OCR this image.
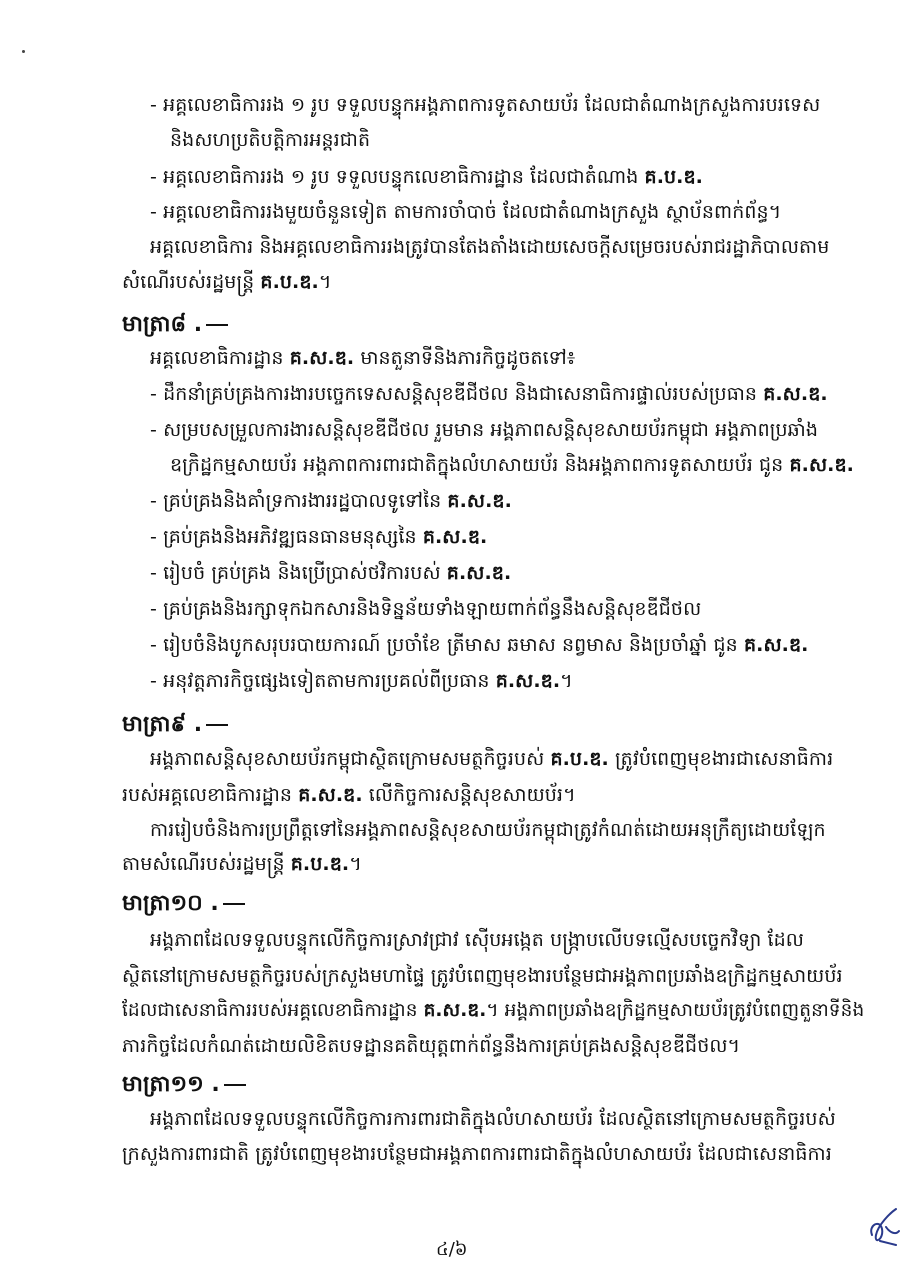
- អគ្គលេខាធិការរង ១ រូប ទទួលបន្ទុកអង្គភាពការទូតសាយប័រ ដែលជាតំណាងក្រសួងការបរទេស
និងសហប្រតិបត្តិការអន្តរជាតិ
- អគ្គលេខាធិការរង ១ រូប ទទួលបន្ទុកលេខាធិការដ្ឋាន ដែលជាតំណាង គ.ប.ឌ.
- អគ្គលេខាធិការរងមួយចំនួនទៀត តាមការចាំបាច់ ដែលជាតំណាងក្រសួង ស្ថាប័នពាក់ព័ន្ធ។
អគ្គលេខាធិការ និងអគ្គលេខាធិការរងត្រូវបានតែងតាំងដោយសេចក្ដីសម្រេចរបស់រាជរដ្ឋាភិបាលតាម
សំណើរបស់រដ្ឋមន្ត្រី គ.ប.ឌ.។
មាត្រា៨ .
អគ្គលេខាធិការដ្ឋាន គ.ស.ឌ. មានតួនាទីនិងភារកិច្ចដូចតទៅ៖
- ដឹកនាំគ្រប់គ្រងការងារបច្ចេកទេសសន្តិសុខឌីជីថល និងជាសេនាធិការផ្ទាល់របស់ប្រធាន គ.ស.ឌ.
- សម្របសម្រួលការងារសន្តិសុខឌីជីថល រួមមាន អង្គភាពសន្តិសុខសាយប័រកម្ពុជា អង្គភាពប្រឆាំង
ឧក្រិដ្ឋកម្មសាយប័រ អង្គភាពការពារជាតិក្នុងលំហសាយប័រ និងអង្គភាពការទូតសាយប័រ ជូន គ.ស.ឌ.
- គ្រប់គ្រងនិងគាំទ្រការងាររដ្ឋបាលទូទៅនៃ គ.ស.ឌ.
- គ្រប់គ្រងនិងអភិវឌ្ឍធនធានមនុស្សនៃ គ.ស.ឌ.
- រៀបចំ គ្រប់គ្រង និងប្រើប្រាស់ថវិការបស់ គ.ស.ឌ.
- គ្រប់គ្រងនិងរក្សាទុកឯកសារនិងទិន្នន័យទាំងឡាយពាក់ព័ន្ធនឹងសន្តិសុខឌីជីថល
- រៀបចំនិងបូកសរុបរបាយការណ៍ ប្រចាំខែ ត្រីមាស ឆមាស នព្វមាស និងប្រចាំឆ្នាំ ជូន គ.ស.ឌ.
- អនុវត្តភារកិច្ចផ្សេងទៀតតាមការប្រគល់ពីប្រធាន គ.ស.ឌ.។
មាត្រា៩ .
អង្គភាពសន្តិសុខសាយប័រកម្ពុជាស្ថិតក្រោមសមត្ថកិច្ចរបស់ គ.ប.ឌ. ត្រូវបំពេញមុខងារជាសេនាធិការ
របស់អគ្គលេខាធិការដ្ឋាន គ.ស.ឌ. លើកិច្ចការសន្តិសុខសាយប័រ។
ការរៀបចំនិងការប្រព្រឹត្តទៅនៃអង្គភាពសន្តិសុខសាយប័រកម្ពុជាត្រូវកំណត់ដោយអនុក្រឹត្យដោយឡែក
តាមសំណើរបស់រដ្ឋមន្ត្រី គ.ប.ឌ.។
មាត្រា១០ .
អង្គភាពដែលទទួលបន្ទុកលើកិច្ចការស្រាវជ្រាវ ស៊ើបអង្កេត បង្ក្រាបលើបទល្មើសបច្ចេកវិទ្យា ដែល
ស្ថិតនៅក្រោមសមត្ថកិច្ចរបស់ក្រសួងមហាផ្ទៃ ត្រូវបំពេញមុខងារបន្ថែមជាអង្គភាពប្រឆាំងឧក្រិដ្ឋកម្មសាយប័រ
ដែលជាសេនាធិការរបស់អគ្គលេខាធិការដ្ឋាន គ.ស.ឌ.។ អង្គភាពប្រឆាំងឧក្រិដ្ឋកម្មសាយប័រត្រូវបំពេញតួនាទីនិង
ភារកិច្ចដែលកំណត់ដោយលិខិតបទដ្ឋានគតិយុត្តពាក់ព័ន្ធនឹងការគ្រប់គ្រងសន្តិសុខឌីជីថល។
មាត្រា១១ .
អង្គភាពដែលទទួលបន្ទុកលើកិច្ចការការពារជាតិក្នុងលំហសាយប័រ ដែលស្ថិតនៅក្រោមសមត្ថកិច្ចរបស់
ក្រសួងការពារជាតិ ត្រូវបំពេញមុខងារបន្ថែមជាអង្គភាពការពារជាតិក្នុងលំហសាយប័រ ដែលជាសេនាធិការ
៤/៦
